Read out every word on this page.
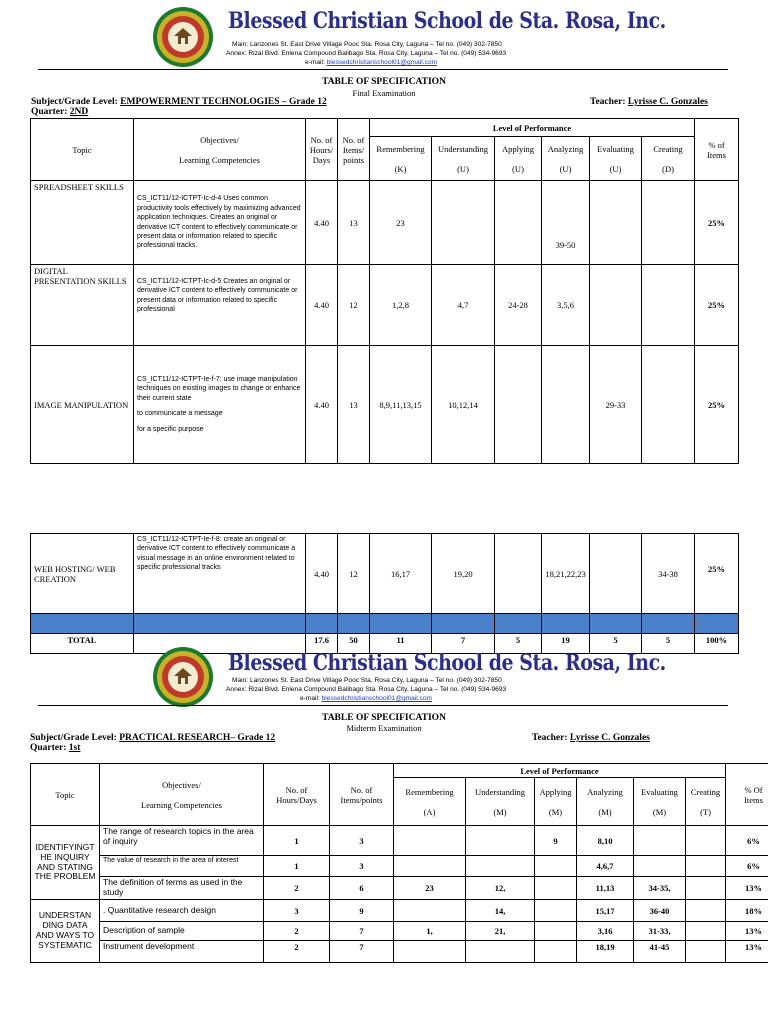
Blessed Christian School de Sta. Rosa, Inc.
Main: Lanzones St. East Drive Village Pooc Sta. Rosa City, Laguna – Tel no. (049) 302-7850
Annex: Rizal Blvd. Enlena Compound Balibago Sta. Rosa City, Laguna – Tel no. (049) 534-9693
e-mail: blessedchristianschool01@gmail.com
TABLE OF SPECIFICATION
Final Examination
Subject/Grade Level: EMPOWERMENT TECHNOLOGIES – Grade 12	Teacher: Lyrisse C. Gonzales
Quarter: 2ND
Topic	Objectives/

Learning Competencies	No. of
Hours/
Days	No. of
Items/
points	Level of Performance						% of
Items
				Remembering

(K)	Understanding

(U)	Applying

(U)	Analyzing

(U)	Evaluating

(U)	Creating

(D)	
SPREADSHEET SKILLS	CS_ICT11/12-ICTPT-Ic-d-4 Uses common productivity tools effectively by maximizing advanced application techniques. Creates an original or derivative ICT content to effectively communicate or present data or information related to specific professional tracks.	4.40	13	23			39-50			25%
DIGITAL PRESENTATION SKILLS	CS_ICT11/12-ICTPT-Ic-d-5 Creates an original or derivative ICT content to effectively communicate or present data or information related to specific professional	4.40	12	1,2,8	4,7	24-28	3,5,6			25%
IMAGE MANIPULATION	CS_ICT11/12-ICTPT-Ie-f-7: use image manipulation techniques on existing images to change or enhance their current state
to communicate a message
for a specific purpose	4.40	13	8,9,11,13,15	10,12,14			29-33		25%
WEB HOSTING/ WEB CREATION	CS_ICT11/12-ICTPT-Ie-f-8: create an original or derivative ICT content to effectively communicate a visual message in an online environment related to specific professional tracks	4.40	12	16,17	19,20		18,21,22,23		34-38	25%

TOTAL		17.6	50	11	7	5	19	5	5	100%
Blessed Christian School de Sta. Rosa, Inc.
Main: Lanzones St. East Drive Village Pooc Sta. Rosa City, Laguna – Tel no. (049) 302-7850
Annex: Rizal Blvd. Enlena Compound Balibago Sta. Rosa City, Laguna – Tel no. (049) 534-9693
e-mail: blessedchristianschool01@gmail.com
TABLE OF SPECIFICATION
Midterm Examination
Subject/Grade Level: PRACTICAL RESEARCH– Grade 12	Teacher: Lyrisse C. Gonzales
Quarter: 1st
Topic	Objectives/

Learning Competencies	No. of
Hours/Days	No. of
Items/points	Level of Performance						% Of
Items
				Remembering

(A)	Understanding

(M)	Applying

(M)	Analyzing

(M)	Evaluating

(M)	Creating

(T)	
IDENTIFYINGT HE INQUIRY AND STATING THE PROBLEM	The range of research topics in the area of inquiry	1	3			9	8,10			6%
	The value of research in the area of interest	1	3				4,6,7			6%
	The definition of terms as used in the study	2	6	23	12,		11,13	34-35,		13%
UNDERSTAN DING DATA AND WAYS TO SYSTEMATIC	. Quantitative research design	3	9		14,		15,17	36-40		18%
	Description of sample	2	7	1,	21,		3,16	31-33,		13%
	Instrument development	2	7				18,19	41-45		13%
